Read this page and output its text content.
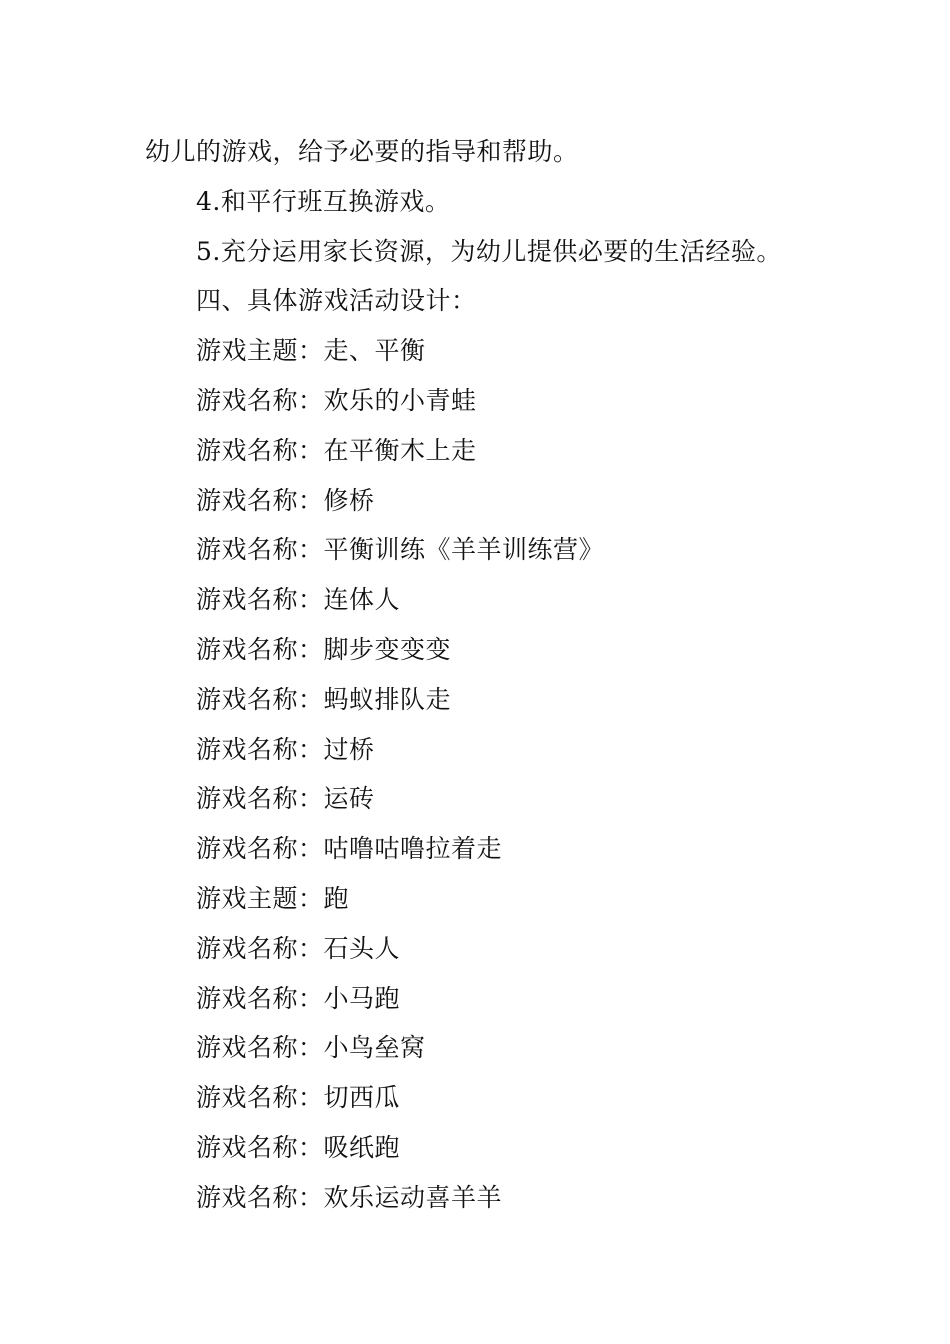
幼儿的游戏，给予必要的指导和帮助。
4.和平行班互换游戏。
5.充分运用家长资源，为幼儿提供必要的生活经验。
四、具体游戏活动设计：
游戏主题：走、平衡
游戏名称：欢乐的小青蛙
游戏名称：在平衡木上走
游戏名称：修桥
游戏名称：平衡训练《羊羊训练营》
游戏名称：连体人
游戏名称：脚步变变变
游戏名称：蚂蚁排队走
游戏名称：过桥
游戏名称：运砖
游戏名称：咕噜咕噜拉着走
游戏主题：跑
游戏名称：石头人
游戏名称：小马跑
游戏名称：小鸟垒窝
游戏名称：切西瓜
游戏名称：吸纸跑
游戏名称：欢乐运动喜羊羊
